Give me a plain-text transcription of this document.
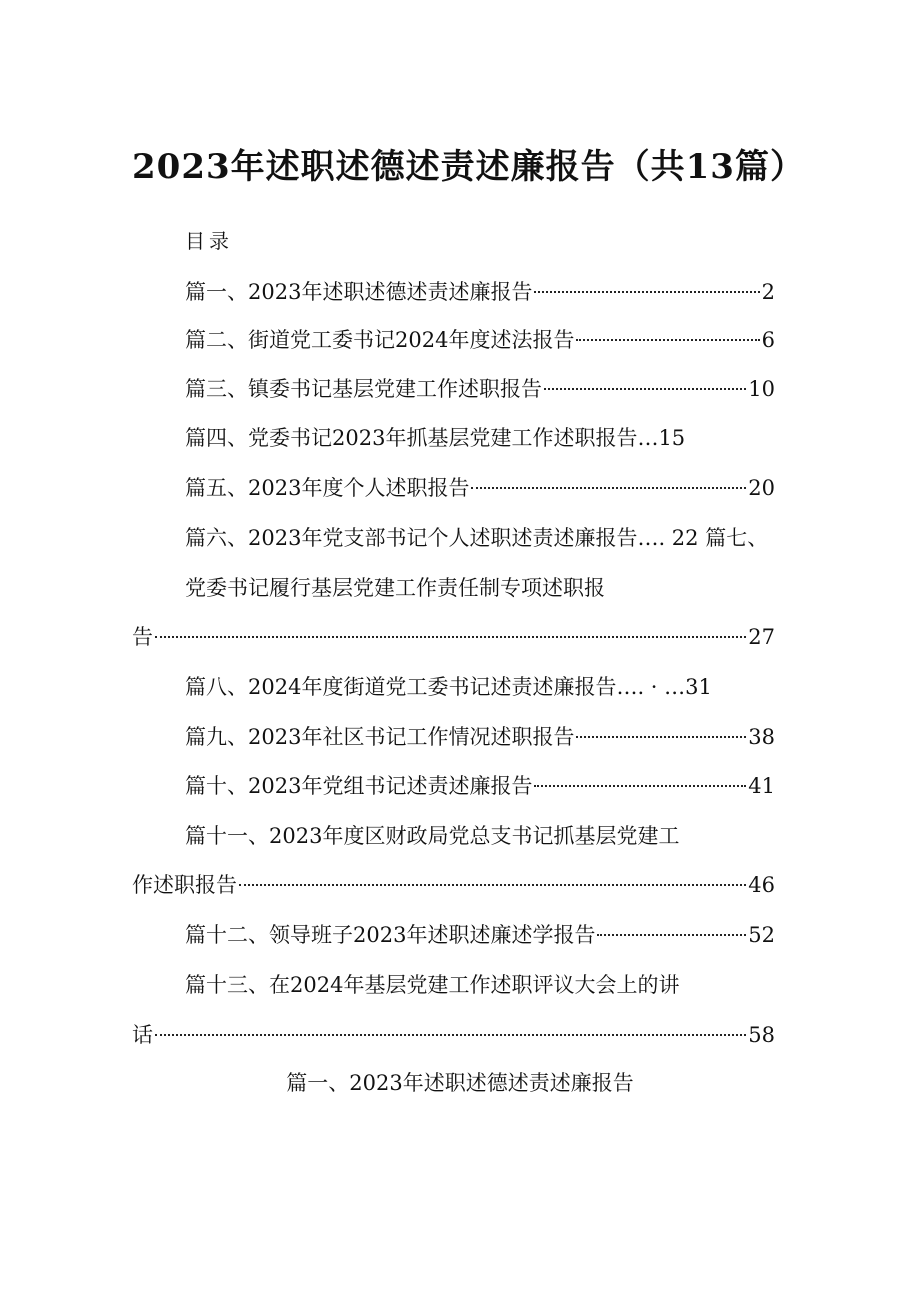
2023年述职述德述责述廉报告（共13篇）
目录
篇一、2023年述职述德述责述廉报告	2
篇二、街道党工委书记2024年度述法报告	6
篇三、镇委书记基层党建工作述职报告	10
篇四、党委书记2023年抓基层党建工作述职报告…15
篇五、2023年度个人述职报告	20
篇六、2023年党支部书记个人述职述责述廉报告…. 22 篇七、
党委书记履行基层党建工作责任制专项述职报
告	27
篇八、2024年度街道党工委书记述责述廉报告…. · …31
篇九、2023年社区书记工作情况述职报告	38
篇十、2023年党组书记述责述廉报告	41
篇十一、2023年度区财政局党总支书记抓基层党建工
作述职报告	46
篇十二、领导班子2023年述职述廉述学报告	52
篇十三、在2024年基层党建工作述职评议大会上的讲
话	58
篇一、2023年述职述德述责述廉报告
